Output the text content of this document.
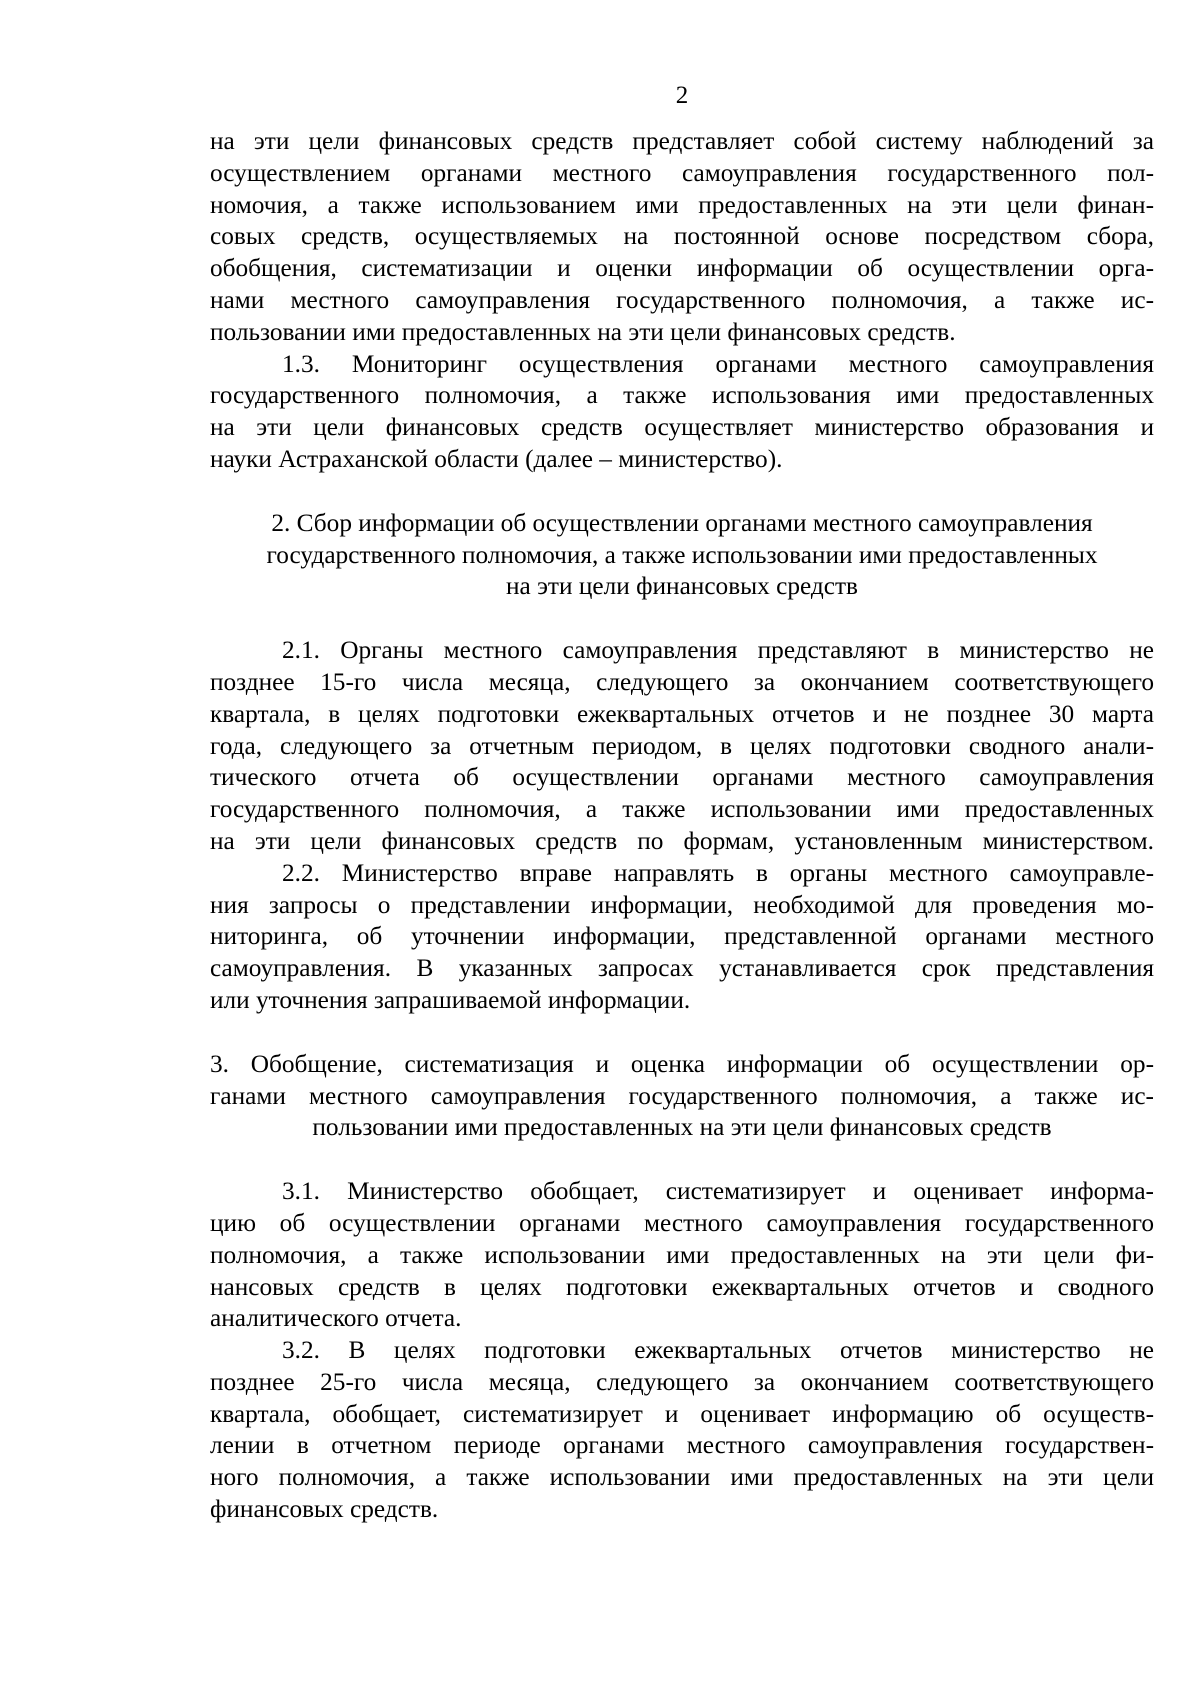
2
на эти цели финансовых средств представляет собой систему наблюдений за
осуществлением органами местного самоуправления государственного пол-
номочия, а также использованием ими предоставленных на эти цели финан-
совых средств, осуществляемых на постоянной основе посредством сбора,
обобщения, систематизации и оценки информации об осуществлении орга-
нами местного самоуправления государственного полномочия, а также ис-
пользовании ими предоставленных на эти цели финансовых средств.
1.3. Мониторинг осуществления органами местного самоуправления
государственного полномочия, а также использования ими предоставленных
на эти цели финансовых средств осуществляет министерство образования и
науки Астраханской области (далее – министерство).
2. Сбор информации об осуществлении органами местного самоуправления
государственного полномочия, а также использовании ими предоставленных
на эти цели финансовых средств
2.1. Органы местного самоуправления представляют в министерство не
позднее 15-го числа месяца, следующего за окончанием соответствующего
квартала, в целях подготовки ежеквартальных отчетов и не позднее 30 марта
года, следующего за отчетным периодом, в целях подготовки сводного анали-
тического отчета об осуществлении органами местного самоуправления
государственного полномочия, а также использовании ими предоставленных
на эти цели финансовых средств по формам, установленным министерством.
2.2. Министерство вправе направлять в органы местного самоуправле-
ния запросы о представлении информации, необходимой для проведения мо-
ниторинга, об уточнении информации, представленной органами местного
самоуправления. В указанных запросах устанавливается срок представления
или уточнения запрашиваемой информации.
3. Обобщение, систематизация и оценка информации об осуществлении ор-
ганами местного самоуправления государственного полномочия, а также ис-
пользовании ими предоставленных на эти цели финансовых средств
3.1. Министерство обобщает, систематизирует и оценивает информа-
цию об осуществлении органами местного самоуправления государственного
полномочия, а также использовании ими предоставленных на эти цели фи-
нансовых средств в целях подготовки ежеквартальных отчетов и сводного
аналитического отчета.
3.2. В целях подготовки ежеквартальных отчетов министерство не
позднее 25-го числа месяца, следующего за окончанием соответствующего
квартала, обобщает, систематизирует и оценивает информацию об осуществ-
лении в отчетном периоде органами местного самоуправления государствен-
ного полномочия, а также использовании ими предоставленных на эти цели
финансовых средств.
